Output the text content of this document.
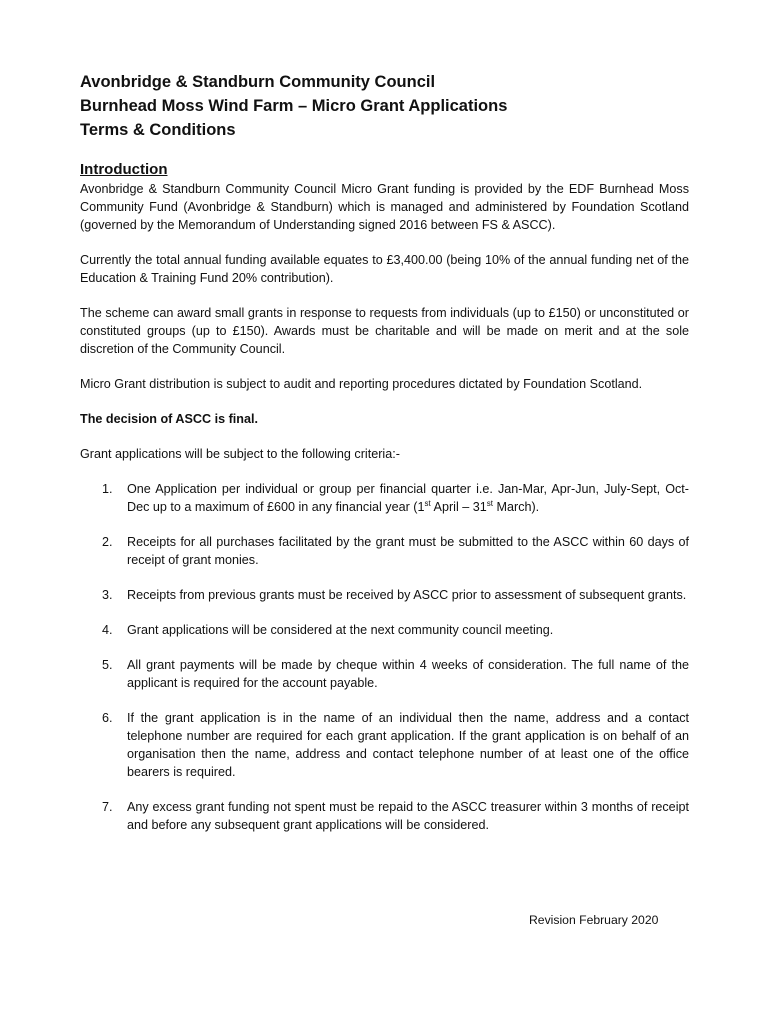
Avonbridge & Standburn Community Council
Burnhead Moss Wind Farm – Micro Grant Applications
Terms & Conditions
Introduction

Avonbridge & Standburn Community Council Micro Grant funding is provided by the EDF Burnhead Moss Community Fund (Avonbridge & Standburn) which is managed and administered by Foundation Scotland (governed by the Memorandum of Understanding signed 2016 between FS & ASCC).

Currently the total annual funding available equates to £3,400.00 (being 10% of the annual funding net of the Education & Training Fund 20% contribution).

The scheme can award small grants in response to requests from individuals (up to £150) or unconstituted or constituted groups (up to £150). Awards must be charitable and will be made on merit and at the sole discretion of the Community Council.

Micro Grant distribution is subject to audit and reporting procedures dictated by Foundation Scotland.

The decision of ASCC is final.

Grant applications will be subject to the following criteria:-

1. One Application per individual or group per financial quarter i.e. Jan-Mar, Apr-Jun, July-Sept, Oct-Dec up to a maximum of £600 in any financial year (1st April – 31st March).
2. Receipts for all purchases facilitated by the grant must be submitted to the ASCC within 60 days of receipt of grant monies.
3. Receipts from previous grants must be received by ASCC prior to assessment of subsequent grants.
4. Grant applications will be considered at the next community council meeting.
5. All grant payments will be made by cheque within 4 weeks of consideration. The full name of the applicant is required for the account payable.
6. If the grant application is in the name of an individual then the name, address and a contact telephone number are required for each grant application. If the grant application is on behalf of an organisation then the name, address and contact telephone number of at least one of the office bearers is required.
7. Any excess grant funding not spent must be repaid to the ASCC treasurer within 3 months of receipt and before any subsequent grant applications will be considered.
Revision February 2020
